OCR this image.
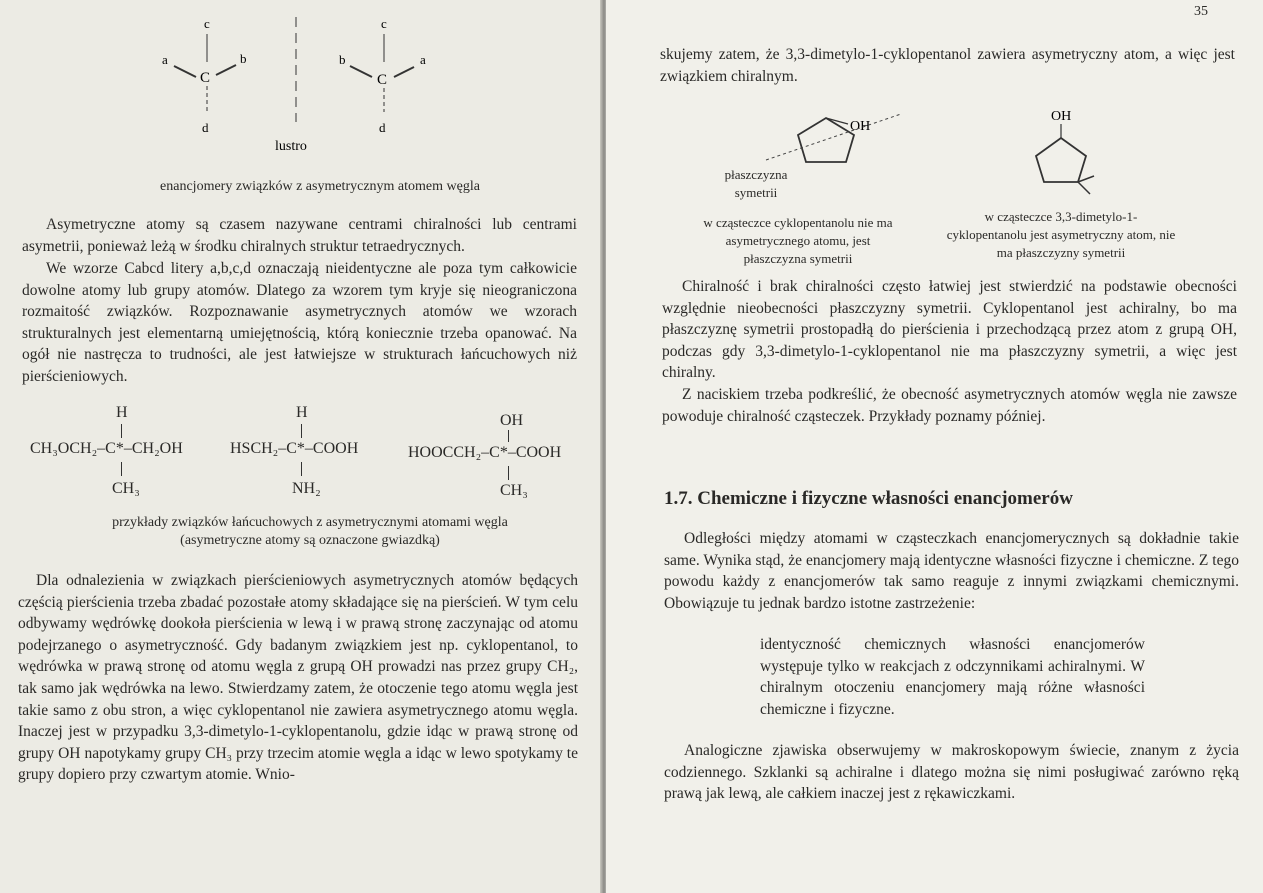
c
a
C
b
d
lustro
c
b
C
a
d
enancjomery związków z asymetrycznym atomem węgla

Asymetryczne atomy są czasem nazywane centrami chiralności lub centrami asymetrii, ponieważ leżą w środku chiralnych struktur tetraedrycznych.

We wzorze Cabcd litery a,b,c,d oznaczają nieidentyczne ale poza tym całkowicie dowolne atomy lub grupy atomów. Dlatego za wzorem tym kryje się nieograniczona rozmaitość związków. Rozpoznawanie asymetrycznych atomów we wzorach strukturalnych jest elementarną umiejętnością, którą koniecznie trzeba opanować. Na ogół nie nastręcza to trudności, ale jest łatwiejsze w strukturach łańcuchowych niż pierścieniowych.

H
CH₃OCH₂–C*–CH₂OH
CH₃
H
HSCH₂–C*–COOH
NH₂
OH
HOOCCH₂–C*–COOH
CH₃
przykłady związków łańcuchowych z asymetrycznymi atomami węgla
(asymetryczne atomy są oznaczone gwiazdką)

Dla odnalezienia w związkach pierścieniowych asymetrycznych atomów będących częścią pierścienia trzeba zbadać pozostałe atomy składające się na pierścień. W tym celu odbywamy wędrówkę dookoła pierścienia w lewą i w prawą stronę zaczynając od atomu podejrzanego o asymetryczność. Gdy badanym związkiem jest np. cyklopentanol, to wędrówka w prawą stronę od atomu węgla z grupą OH prowadzi nas przez grupy CH₂, tak samo jak wędrówka na lewo. Stwierdzamy zatem, że otoczenie tego atomu węgla jest takie samo z obu stron, a więc cyklopentanol nie zawiera asymetrycznego atomu węgla. Inaczej jest w przypadku 3,3-dimetylo-1-cyklopentanolu, gdzie idąc w prawą stronę od grupy OH napotykamy grupy CH₃ przy trzecim atomie węgla a idąc w lewo spotykamy te grupy dopiero przy czwartym atomie. Wnio-

35

skujemy zatem, że 3,3-dimetylo-1-cyklopentanol zawiera asymetryczny atom, a więc jest związkiem chiralnym.

OH
OH
płaszczyzna symetrii
w cząsteczce cyklopentanolu nie ma asymetrycznego atomu, jest płaszczyzna symetrii
w cząsteczce 3,3-dimetylo-1-cyklopentanolu jest asymetryczny atom, nie ma płaszczyzny symetrii

Chiralność i brak chiralności często łatwiej jest stwierdzić na podstawie obecności względnie nieobecności płaszczyzny symetrii. Cyklopentanol jest achiralny, bo ma płaszczyznę symetrii prostopadłą do pierścienia i przechodzącą przez atom z grupą OH, podczas gdy 3,3-dimetylo-1-cyklopentanol nie ma płaszczyzny symetrii, a więc jest chiralny.

Z naciskiem trzeba podkreślić, że obecność asymetrycznych atomów węgla nie zawsze powoduje chiralność cząsteczek. Przykłady poznamy później.

1.7. Chemiczne i fizyczne własności enancjomerów

Odległości między atomami w cząsteczkach enancjomerycznych są dokładnie takie same. Wynika stąd, że enancjomery mają identyczne własności fizyczne i chemiczne. Z tego powodu każdy z enancjomerów tak samo reaguje z innymi związkami chemicznymi. Obowiązuje tu jednak bardzo istotne zastrzeżenie:

identyczność chemicznych własności enancjomerów występuje tylko w reakcjach z odczynnikami achiralnymi. W chiralnym otoczeniu enancjomery mają różne własności chemiczne i fizyczne.

Analogiczne zjawiska obserwujemy w makroskopowym świecie, znanym z życia codziennego. Szklanki są achiralne i dlatego można się nimi posługiwać zarówno ręką prawą jak lewą, ale całkiem inaczej jest z rękawiczkami.
